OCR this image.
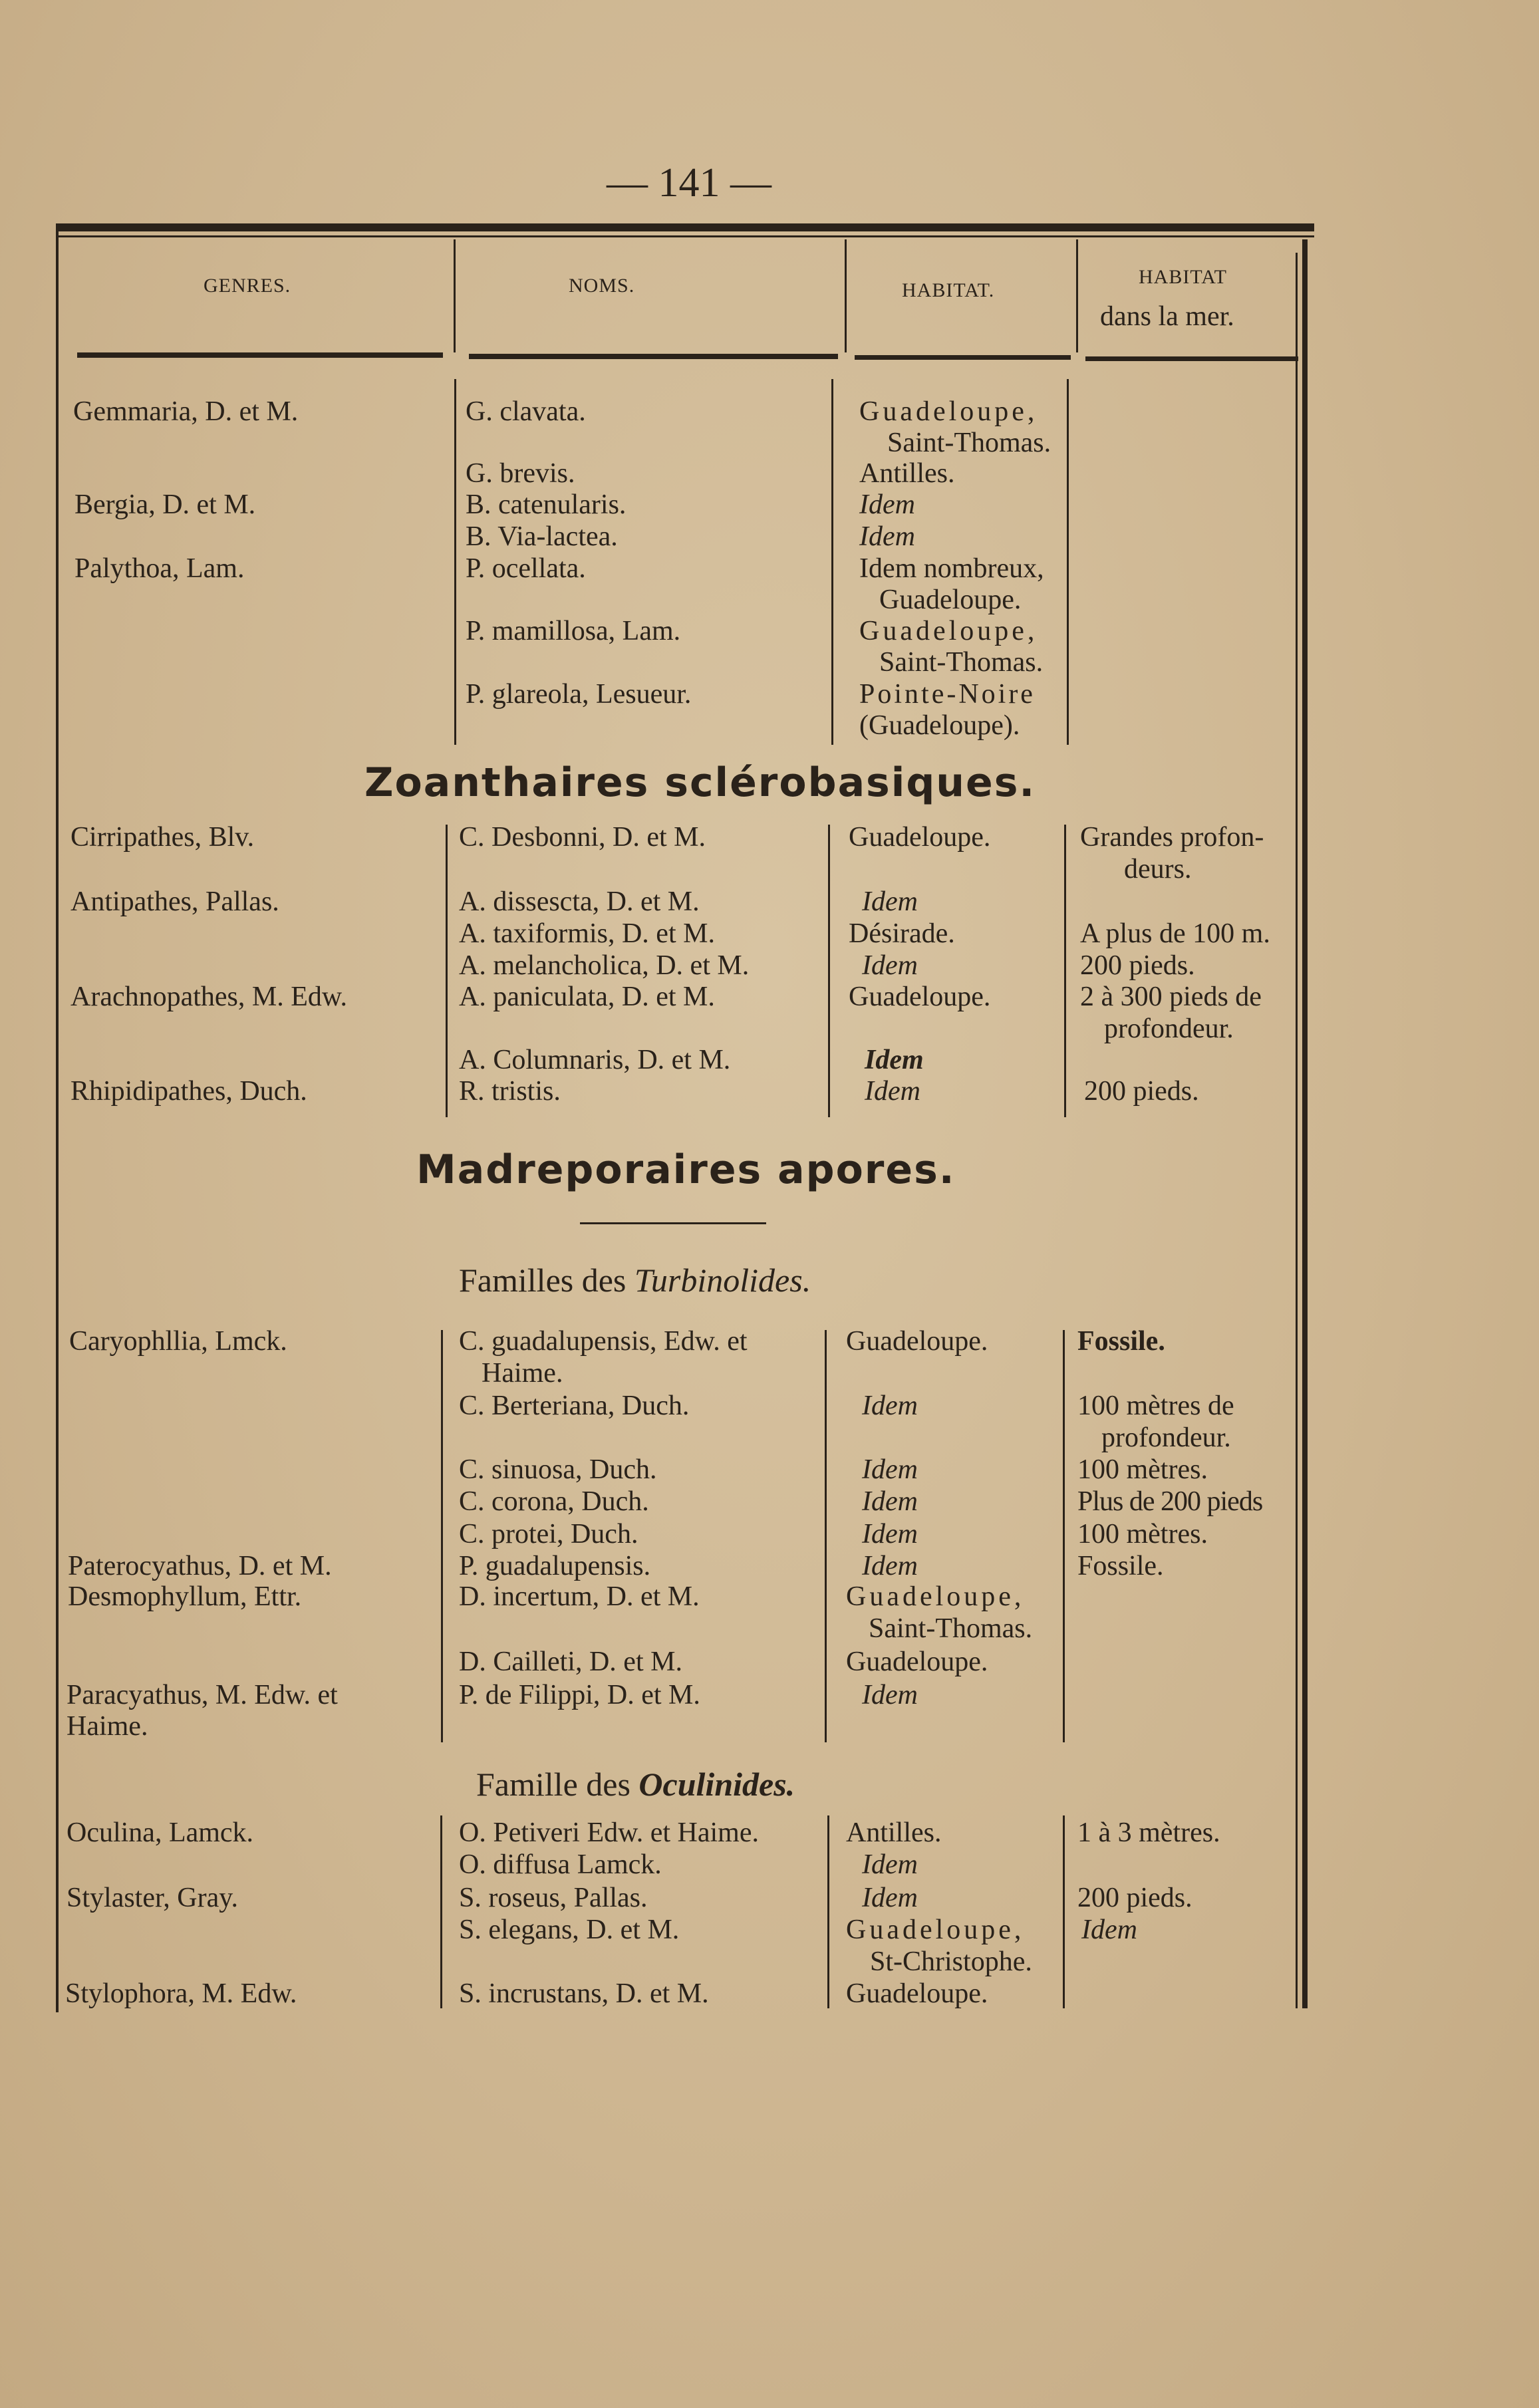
— 141 —
GENRES.	NOMS.	HABITAT.
HABITAT
dans la mer.
Zoanthaires sclérobasiques.
Madreporaires apores.
Familles des Turbinolides.
Famille des Oculinides.
Gemmaria, D. et M.
Bergia, D. et M.
Palythoa, Lam.
Cirripathes, Blv.
Antipathes, Pallas.
Arachnopathes, M. Edw.
Rhipidipathes, Duch.
Caryophllia, Lmck.
Paterocyathus, D. et M.
Desmophyllum, Ettr.
Paracyathus, M. Edw. et
Haime.
Oculina, Lamck.
Stylaster, Gray.
Stylophora, M. Edw.
G. clavata.
G. brevis.
B. catenularis.
B. Via-lactea.
P. ocellata.
P. mamillosa, Lam.
P. glareola, Lesueur.
C. Desbonni, D. et M.
A. dissescta, D. et M.
A. taxiformis, D. et M.
A. melancholica, D. et M.
A. paniculata, D. et M.
A. Columnaris, D. et M.
R. tristis.
C. guadalupensis, Edw. et
Haime.
C. Berteriana, Duch.
C. sinuosa, Duch.
C. corona, Duch.
C. protei, Duch.
P. guadalupensis.
D. incertum, D. et M.
D. Cailleti, D. et M.
P. de Filippi, D. et M.
O. Petiveri Edw. et Haime.
O. diffusa Lamck.
S. roseus, Pallas.
S. elegans, D. et M.
S. incrustans, D. et M.
Guadeloupe,
Saint-Thomas.
Antilles.
Idem
Idem
Idem nombreux,
Guadeloupe.
Guadeloupe,
Saint-Thomas.
Pointe-Noire
(Guadeloupe).
Guadeloupe.
Idem
Désirade.
Idem
Guadeloupe.
Idem
Idem
Guadeloupe.
Idem
Idem
Idem
Idem
Idem
Guadeloupe,
Saint-Thomas.
Guadeloupe.
Idem
Antilles.
Idem
Idem
Guadeloupe,
St-Christophe.
Guadeloupe.
Grandes profon-
deurs.
A plus de 100 m.
200 pieds.
2 à 300 pieds de
profondeur.
200 pieds.
Fossile.
100 mètres de
profondeur.
100 mètres.
Plus de 200 pieds
100 mètres.
Fossile.
1 à 3 mètres.
200 pieds.
Idem
